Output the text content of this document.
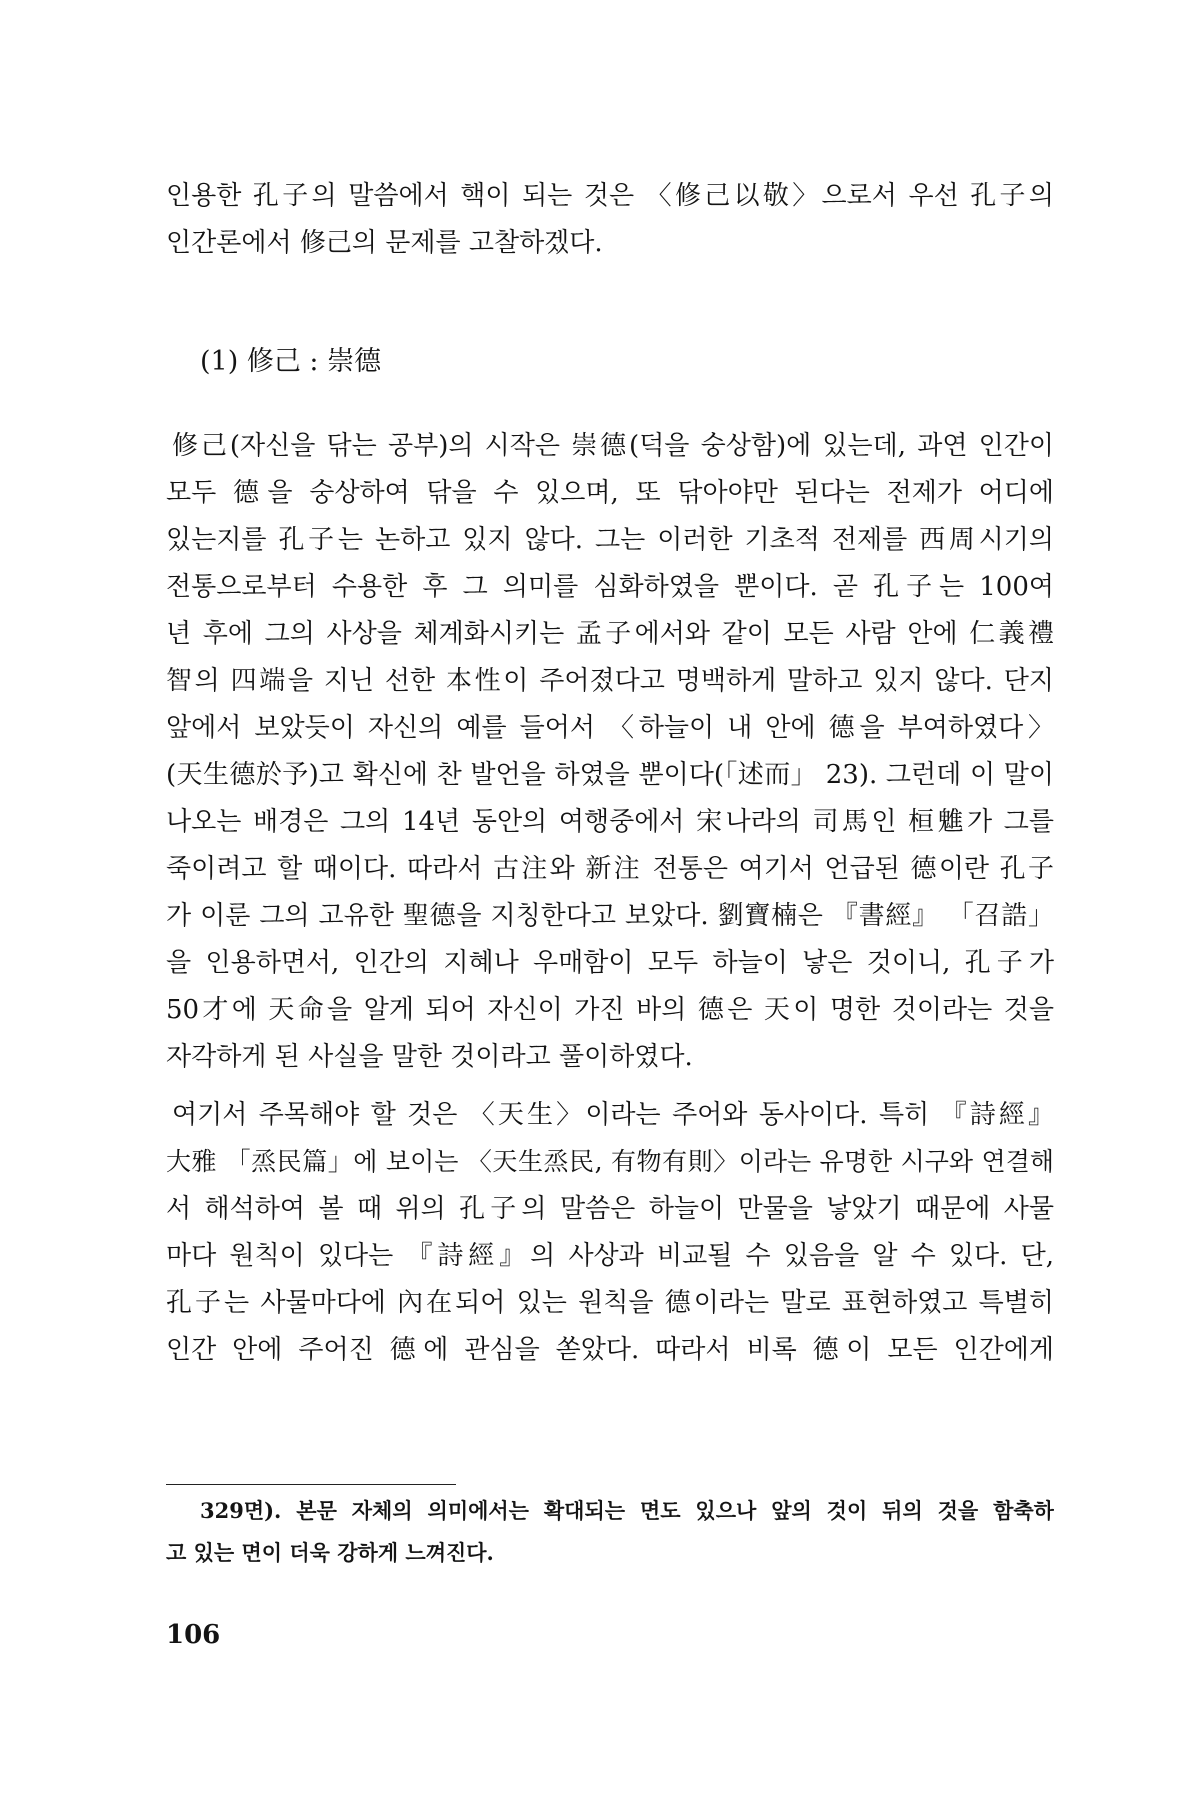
인용한 孔子의 말씀에서 핵이 되는 것은 〈修己以敬〉으로서 우선 孔子의
인간론에서 修己의 문제를 고찰하겠다.
(1) 修己 : 崇德
修己(자신을 닦는 공부)의 시작은 崇德(덕을 숭상함)에 있는데, 과연 인간이
모두 德을 숭상하여 닦을 수 있으며, 또 닦아야만 된다는 전제가 어디에
있는지를 孔子는 논하고 있지 않다. 그는 이러한 기초적 전제를 西周시기의
전통으로부터 수용한 후 그 의미를 심화하였을 뿐이다. 곧 孔子는 100여
년 후에 그의 사상을 체계화시키는 孟子에서와 같이 모든 사람 안에 仁義禮
智의 四端을 지닌 선한 本性이 주어졌다고 명백하게 말하고 있지 않다. 단지
앞에서 보았듯이 자신의 예를 들어서 〈하늘이 내 안에 德을 부여하였다〉
(天生德於予)고 확신에 찬 발언을 하였을 뿐이다(「述而」 23). 그런데 이 말이
나오는 배경은 그의 14년 동안의 여행중에서 宋나라의 司馬인 桓魋가 그를
죽이려고 할 때이다. 따라서 古注와 新注 전통은 여기서 언급된 德이란 孔子
가 이룬 그의 고유한 聖德을 지칭한다고 보았다. 劉寶楠은 『書經』 「召誥」
을 인용하면서, 인간의 지혜나 우매함이 모두 하늘이 낳은 것이니, 孔子가
50才에 天命을 알게 되어 자신이 가진 바의 德은 天이 명한 것이라는 것을
자각하게 된 사실을 말한 것이라고 풀이하였다.
여기서 주목해야 할 것은 〈天生〉이라는 주어와 동사이다. 특히 『詩經』
大雅 「烝民篇」에 보이는 〈天生烝民, 有物有則〉이라는 유명한 시구와 연결해
서 해석하여 볼 때 위의 孔子의 말씀은 하늘이 만물을 낳았기 때문에 사물
마다 원칙이 있다는 『詩經』의 사상과 비교될 수 있음을 알 수 있다. 단,
孔子는 사물마다에 內在되어 있는 원칙을 德이라는 말로 표현하였고 특별히
인간 안에 주어진 德에 관심을 쏟았다. 따라서 비록 德이 모든 인간에게
329면). 본문 자체의 의미에서는 확대되는 면도 있으나 앞의 것이 뒤의 것을 함축하
고 있는 면이 더욱 강하게 느껴진다.
106
